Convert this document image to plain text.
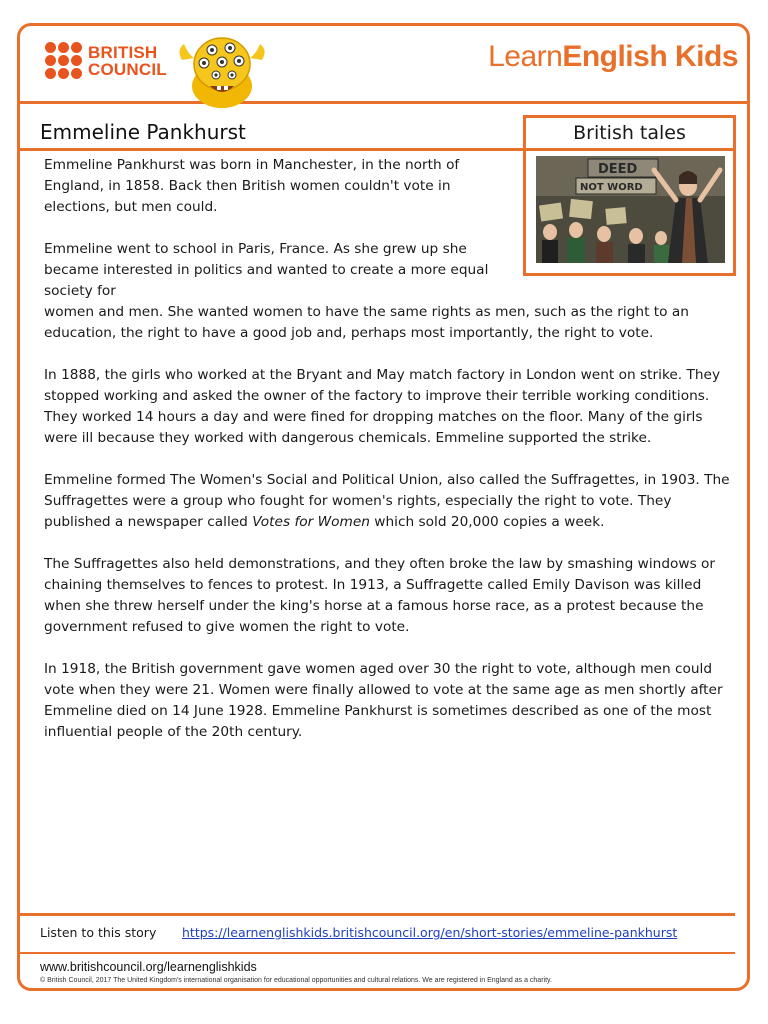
BRITISH
COUNCIL	LearnEnglish Kids
Emmeline Pankhurst	British tales
DEED
NOT WORD

Emmeline Pankhurst was born in Manchester, in the north of England, in 1858. Back then British women couldn't vote in elections, but men could.

Emmeline went to school in Paris, France. As she grew up she became interested in politics and wanted to create a more equal society for
women and men. She wanted women to have the same rights as men, such as the right to an education, the right to have a good job and, perhaps most importantly, the right to vote.

In 1888, the girls who worked at the Bryant and May match factory in London went on strike. They stopped working and asked the owner of the factory to improve their terrible working conditions. They worked 14 hours a day and were fined for dropping matches on the floor. Many of the girls were ill because they worked with dangerous chemicals. Emmeline supported the strike.

Emmeline formed The Women's Social and Political Union, also called the Suffragettes, in 1903. The Suffragettes were a group who fought for women's rights, especially the right to vote. They published a newspaper called Votes for Women which sold 20,000 copies a week.

The Suffragettes also held demonstrations, and they often broke the law by smashing windows or chaining themselves to fences to protest. In 1913, a Suffragette called Emily Davison was killed when she threw herself under the king's horse at a famous horse race, as a protest because the government refused to give women the right to vote.

In 1918, the British government gave women aged over 30 the right to vote, although men could vote when they were 21. Women were finally allowed to vote at the same age as men shortly after Emmeline died on 14 June 1928. Emmeline Pankhurst is sometimes described as one of the most influential people of the 20th century.

Listen to this story https://learnenglishkids.britishcouncil.org/en/short-stories/emmeline-pankhurst
www.britishcouncil.org/learnenglishkids
© British Council, 2017 The United Kingdom's international organisation for educational opportunities and cultural relations. We are registered in England as a charity.
